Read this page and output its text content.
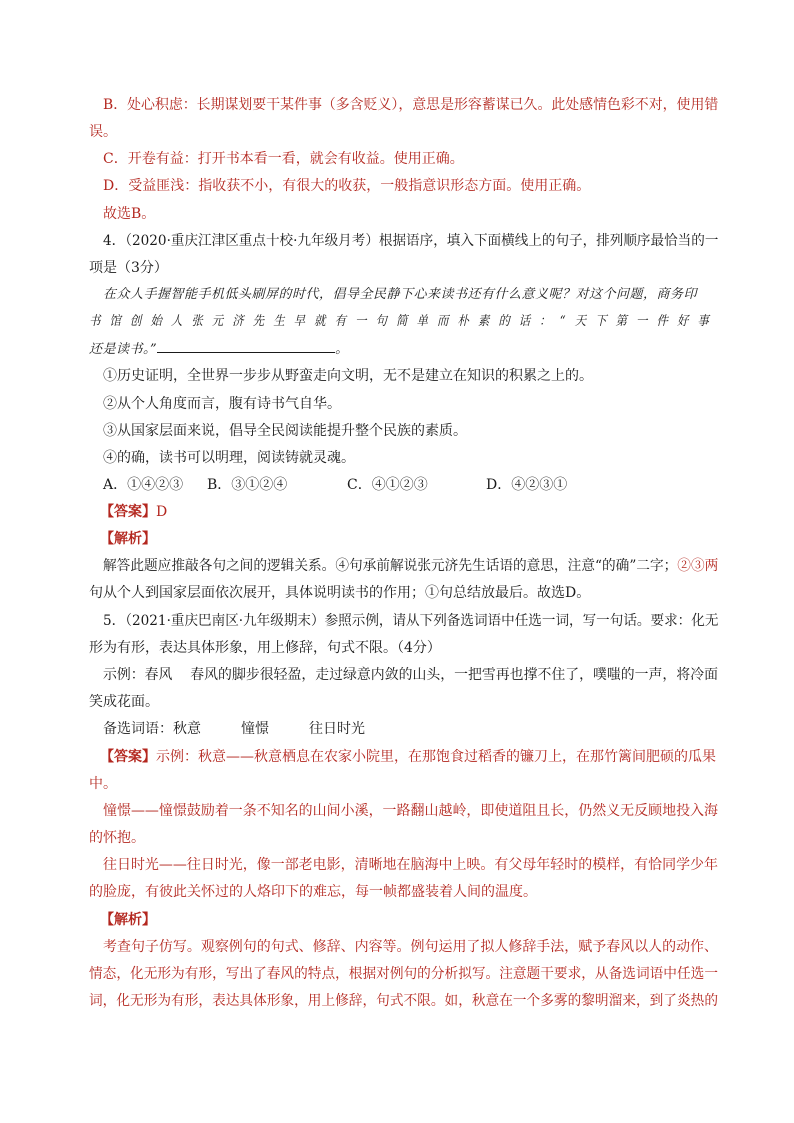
B．处心积虑：长期谋划要干某件事（多含贬义），意思是形容蓄谋已久。此处感情色彩不对，使用错
误。
C．开卷有益：打开书本看一看，就会有收益。使用正确。
D．受益匪浅：指收获不小，有很大的收获，一般指意识形态方面。使用正确。
故选B。
4．（2020·重庆江津区重点十校·九年级月考）根据语序，填入下面横线上的句子，排列顺序最恰当的一
项是（3分）
在众人手握智能手机低头刷屏的时代，倡导全民静下心来读书还有什么意义呢？对这个问题，商务印
书馆创始人张元济先生早就有一句简单而朴素的话：“天下第一件好事
还是读书。”	。
①历史证明，全世界一步步从野蛮走向文明，无不是建立在知识的积累之上的。
②从个人角度而言，腹有诗书气自华。
③从国家层面来说，倡导全民阅读能提升整个民族的素质。
④的确，读书可以明理，阅读铸就灵魂。
A．①④②③ B．③①②④	C．④①②③	D．④②③①
【答案】D
【解析】
解答此题应推敲各句之间的逻辑关系。④句承前解说张元济先生话语的意思，注意“的确”二字；②③两
句从个人到国家层面依次展开，具体说明读书的作用；①句总结放最后。故选D。
5．（2021·重庆巴南区·九年级期末）参照示例，请从下列备选词语中任选一词，写一句话。要求：化无
形为有形，表达具体形象，用上修辞，句式不限。（4分）
示例：春风 春风的脚步很轻盈，走过绿意内敛的山头，一把雪再也撑不住了，噗嗤的一声，将冷面
笑成花面。
备选词语：秋意	憧憬	往日时光
【答案】示例：秋意——秋意栖息在农家小院里，在那饱食过稻香的镰刀上，在那竹篱间肥硕的瓜果
中。
憧憬——憧憬鼓励着一条不知名的山间小溪，一路翻山越岭，即使道阻且长，仍然义无反顾地投入海
的怀抱。
往日时光——往日时光，像一部老电影，清晰地在脑海中上映。有父母年轻时的模样，有恰同学少年
的脸庞，有彼此关怀过的人烙印下的难忘，每一帧都盛装着人间的温度。
【解析】
考查句子仿写。观察例句的句式、修辞、内容等。例句运用了拟人修辞手法，赋予春风以人的动作、
情态，化无形为有形，写出了春风的特点，根据对例句的分析拟写。注意题干要求，从备选词语中任选一
词，化无形为有形，表达具体形象，用上修辞，句式不限。如，秋意在一个多雾的黎明溜来，到了炎热的
